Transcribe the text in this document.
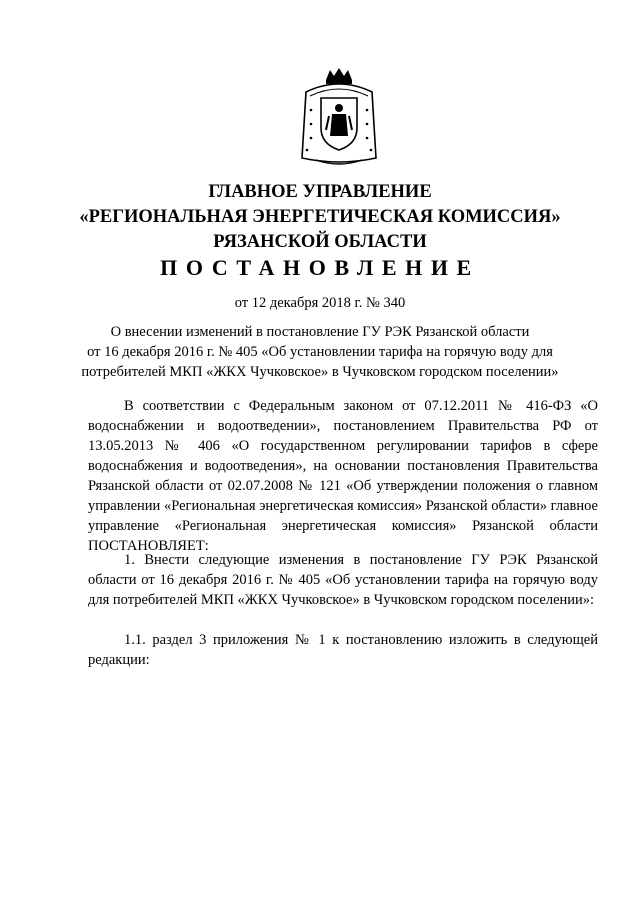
ГЛАВНОЕ УПРАВЛЕНИЕ

«РЕГИОНАЛЬНАЯ ЭНЕРГЕТИЧЕСКАЯ КОМИССИЯ»

РЯЗАНСКОЙ ОБЛАСТИ

ПОСТАНОВЛЕНИЕ
от 12 декабря 2018 г. № 340

О внесении изменений в постановление ГУ РЭК Рязанской области

от 16 декабря 2016 г. № 405 «Об установлении тарифа на горячую воду для

потребителей МКП «ЖКХ Чучковское» в Чучковском городском поселении»

В соответствии с Федеральным законом от 07.12.2011 № 416-ФЗ «О водоснабжении и водоотведении», постановлением Правительства РФ от 13.05.2013 № 406 «О государственном регулировании тарифов в сфере водоснабжения и водоотведения», на основании постановления Правительства Рязанской области от 02.07.2008 № 121 «Об утверждении положения о главном управлении «Региональная энергетическая комиссия» Рязанской области» главное управление «Региональная энергетическая комиссия» Рязанской области ПОСТАНОВЛЯЕТ:

1. Внести следующие изменения в постановление ГУ РЭК Рязанской области от 16 декабря 2016 г. № 405 «Об установлении тарифа на горячую воду для потребителей МКП «ЖКХ Чучковское» в Чучковском городском поселении»:

1.1. раздел 3 приложения № 1 к постановлению изложить в следующей редакции:
